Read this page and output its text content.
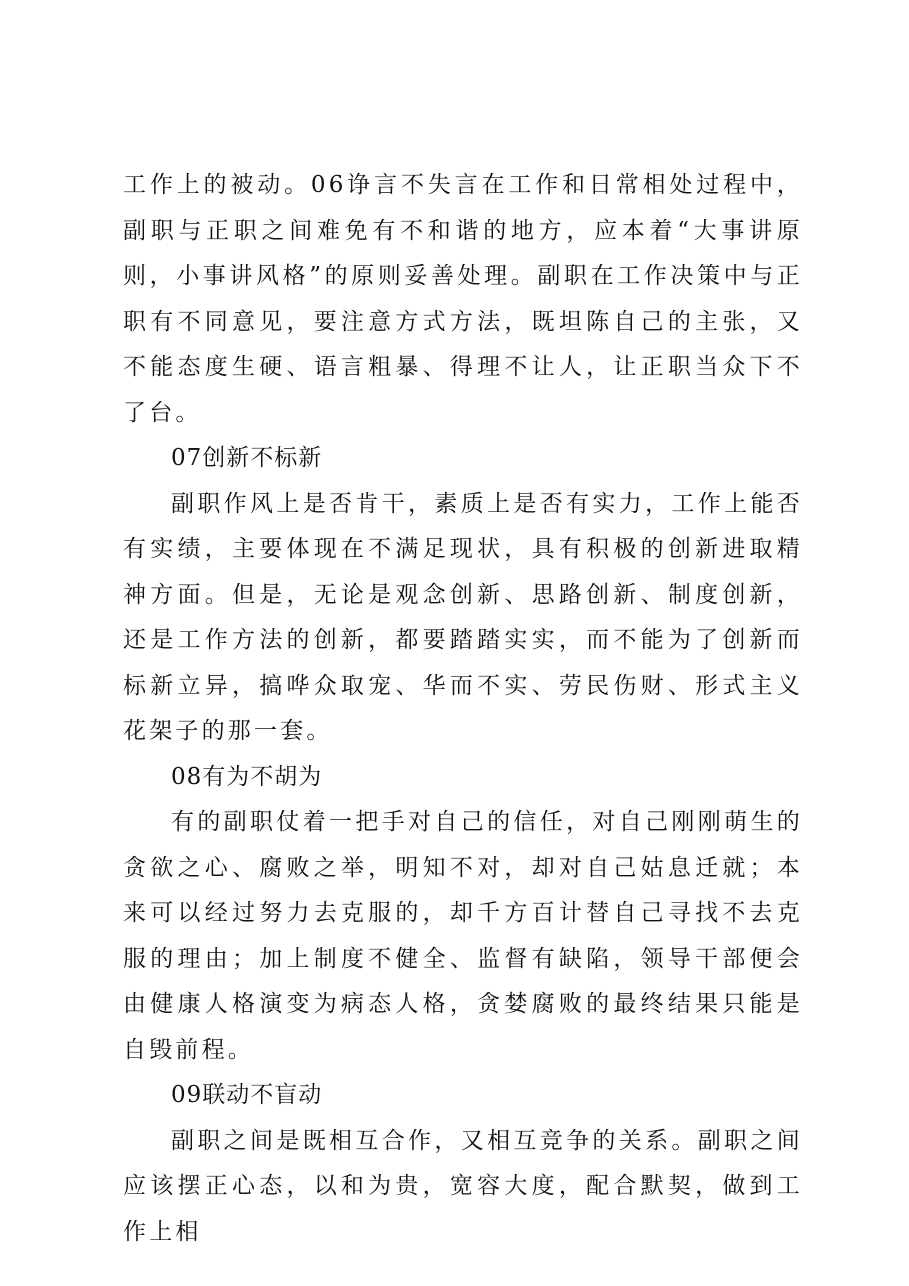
工作上的被动。06诤言不失言在工作和日常相处过程中，副职与正职之间难免有不和谐的地方，应本着“大事讲原则，小事讲风格”的原则妥善处理。副职在工作决策中与正职有不同意见，要注意方式方法，既坦陈自己的主张，又不能态度生硬、语言粗暴、得理不让人，让正职当众下不了台。

07创新不标新

副职作风上是否肯干，素质上是否有实力，工作上能否有实绩，主要体现在不满足现状，具有积极的创新进取精神方面。但是，无论是观念创新、思路创新、制度创新，还是工作方法的创新，都要踏踏实实，而不能为了创新而标新立异，搞哗众取宠、华而不实、劳民伤财、形式主义花架子的那一套。

08有为不胡为

有的副职仗着一把手对自己的信任，对自己刚刚萌生的贪欲之心、腐败之举，明知不对，却对自己姑息迁就；本来可以经过努力去克服的，却千方百计替自己寻找不去克服的理由；加上制度不健全、监督有缺陷，领导干部便会由健康人格演变为病态人格，贪婪腐败的最终结果只能是自毁前程。

09联动不盲动

副职之间是既相互合作，又相互竞争的关系。副职之间应该摆正心态，以和为贵，宽容大度，配合默契，做到工作上相
